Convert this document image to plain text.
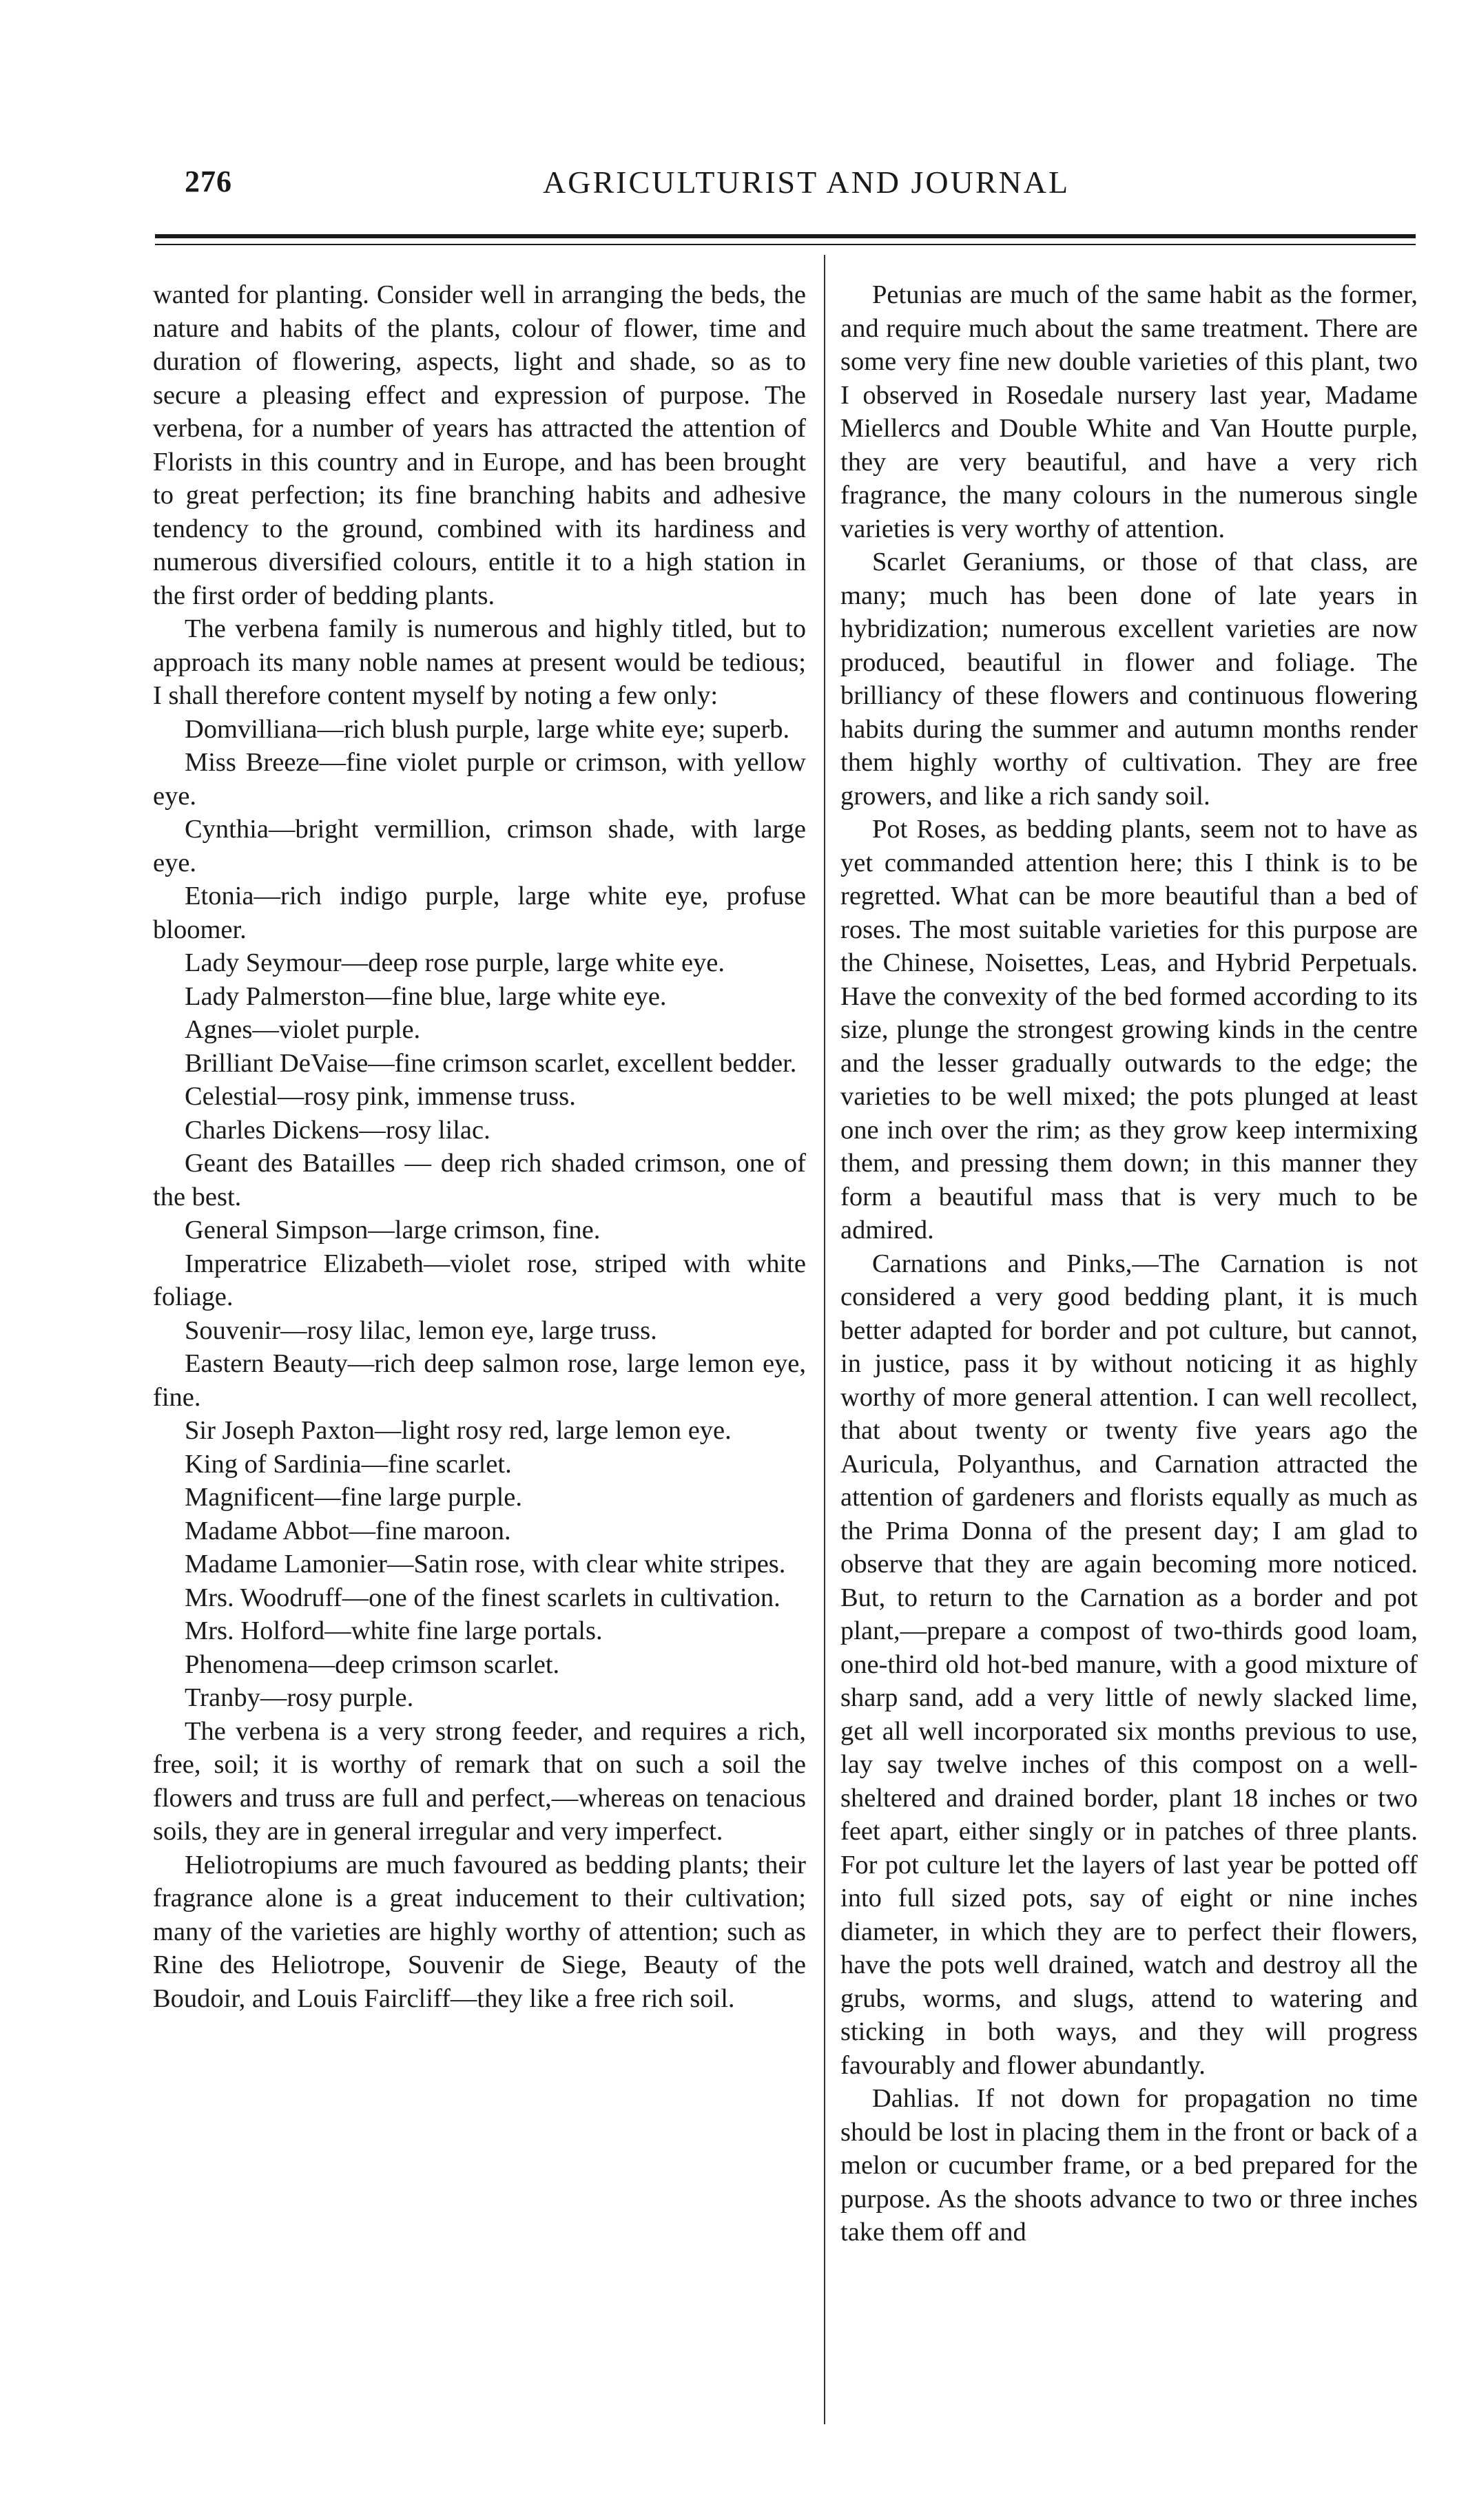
276	AGRICULTURIST AND JOURNAL

wanted for planting. Consider well in arranging the beds, the nature and habits of the plants, colour of flower, time and duration of flowering, aspects, light and shade, so as to secure a pleasing effect and expression of purpose. The verbena, for a number of years has attracted the attention of Florists in this country and in Europe, and has been brought to great perfection; its fine branching habits and adhesive tendency to the ground, combined with its hardiness and numerous diversified colours, entitle it to a high station in the first order of bedding plants.

The verbena family is numerous and highly titled, but to approach its many noble names at present would be tedious; I shall therefore content myself by noting a few only:

Domvilliana—rich blush purple, large white eye; superb.

Miss Breeze—fine violet purple or crimson, with yellow eye.

Cynthia—bright vermillion, crimson shade, with large eye.

Etonia—rich indigo purple, large white eye, profuse bloomer.

Lady Seymour—deep rose purple, large white eye.

Lady Palmerston—fine blue, large white eye.

Agnes—violet purple.

Brilliant DeVaise—fine crimson scarlet, excellent bedder.

Celestial—rosy pink, immense truss.

Charles Dickens—rosy lilac.

Geant des Batailles — deep rich shaded crimson, one of the best.

General Simpson—large crimson, fine.

Imperatrice Elizabeth—violet rose, striped with white foliage.

Souvenir—rosy lilac, lemon eye, large truss.

Eastern Beauty—rich deep salmon rose, large lemon eye, fine.

Sir Joseph Paxton—light rosy red, large lemon eye.

King of Sardinia—fine scarlet.

Magnificent—fine large purple.

Madame Abbot—fine maroon.

Madame Lamonier—Satin rose, with clear white stripes.

Mrs. Woodruff—one of the finest scarlets in cultivation.

Mrs. Holford—white fine large portals.

Phenomena—deep crimson scarlet.

Tranby—rosy purple.

The verbena is a very strong feeder, and requires a rich, free, soil; it is worthy of remark that on such a soil the flowers and truss are full and perfect,—whereas on tenacious soils, they are in general irregular and very imperfect.

Heliotropiums are much favoured as bedding plants; their fragrance alone is a great inducement to their cultivation; many of the varieties are highly worthy of attention; such as Rine des Heliotrope, Souvenir de Siege, Beauty of the Boudoir, and Louis Faircliff—they like a free rich soil.

Petunias are much of the same habit as the former, and require much about the same treatment. There are some very fine new double varieties of this plant, two I observed in Rosedale nursery last year, Madame Miellercs and Double White and Van Houtte purple, they are very beautiful, and have a very rich fragrance, the many colours in the numerous single varieties is very worthy of attention.

Scarlet Geraniums, or those of that class, are many; much has been done of late years in hybridization; numerous excellent varieties are now produced, beautiful in flower and foliage. The brilliancy of these flowers and continuous flowering habits during the summer and autumn months render them highly worthy of cultivation. They are free growers, and like a rich sandy soil.

Pot Roses, as bedding plants, seem not to have as yet commanded attention here; this I think is to be regretted. What can be more beautiful than a bed of roses. The most suitable varieties for this purpose are the Chinese, Noisettes, Leas, and Hybrid Perpetuals. Have the convexity of the bed formed according to its size, plunge the strongest growing kinds in the centre and the lesser gradually outwards to the edge; the varieties to be well mixed; the pots plunged at least one inch over the rim; as they grow keep intermixing them, and pressing them down; in this manner they form a beautiful mass that is very much to be admired.

Carnations and Pinks,—The Carnation is not considered a very good bedding plant, it is much better adapted for border and pot culture, but cannot, in justice, pass it by without noticing it as highly worthy of more general attention. I can well recollect, that about twenty or twenty five years ago the Auricula, Polyanthus, and Carnation attracted the attention of gardeners and florists equally as much as the Prima Donna of the present day; I am glad to observe that they are again becoming more noticed. But, to return to the Carnation as a border and pot plant,—prepare a compost of two-thirds good loam, one-third old hot-bed manure, with a good mixture of sharp sand, add a very little of newly slacked lime, get all well incorporated six months previous to use, lay say twelve inches of this compost on a well-sheltered and drained border, plant 18 inches or two feet apart, either singly or in patches of three plants. For pot culture let the layers of last year be potted off into full sized pots, say of eight or nine inches diameter, in which they are to perfect their flowers, have the pots well drained, watch and destroy all the grubs, worms, and slugs, attend to watering and sticking in both ways, and they will progress favourably and flower abundantly.

Dahlias. If not down for propagation no time should be lost in placing them in the front or back of a melon or cucumber frame, or a bed prepared for the purpose. As the shoots advance to two or three inches take them off and
